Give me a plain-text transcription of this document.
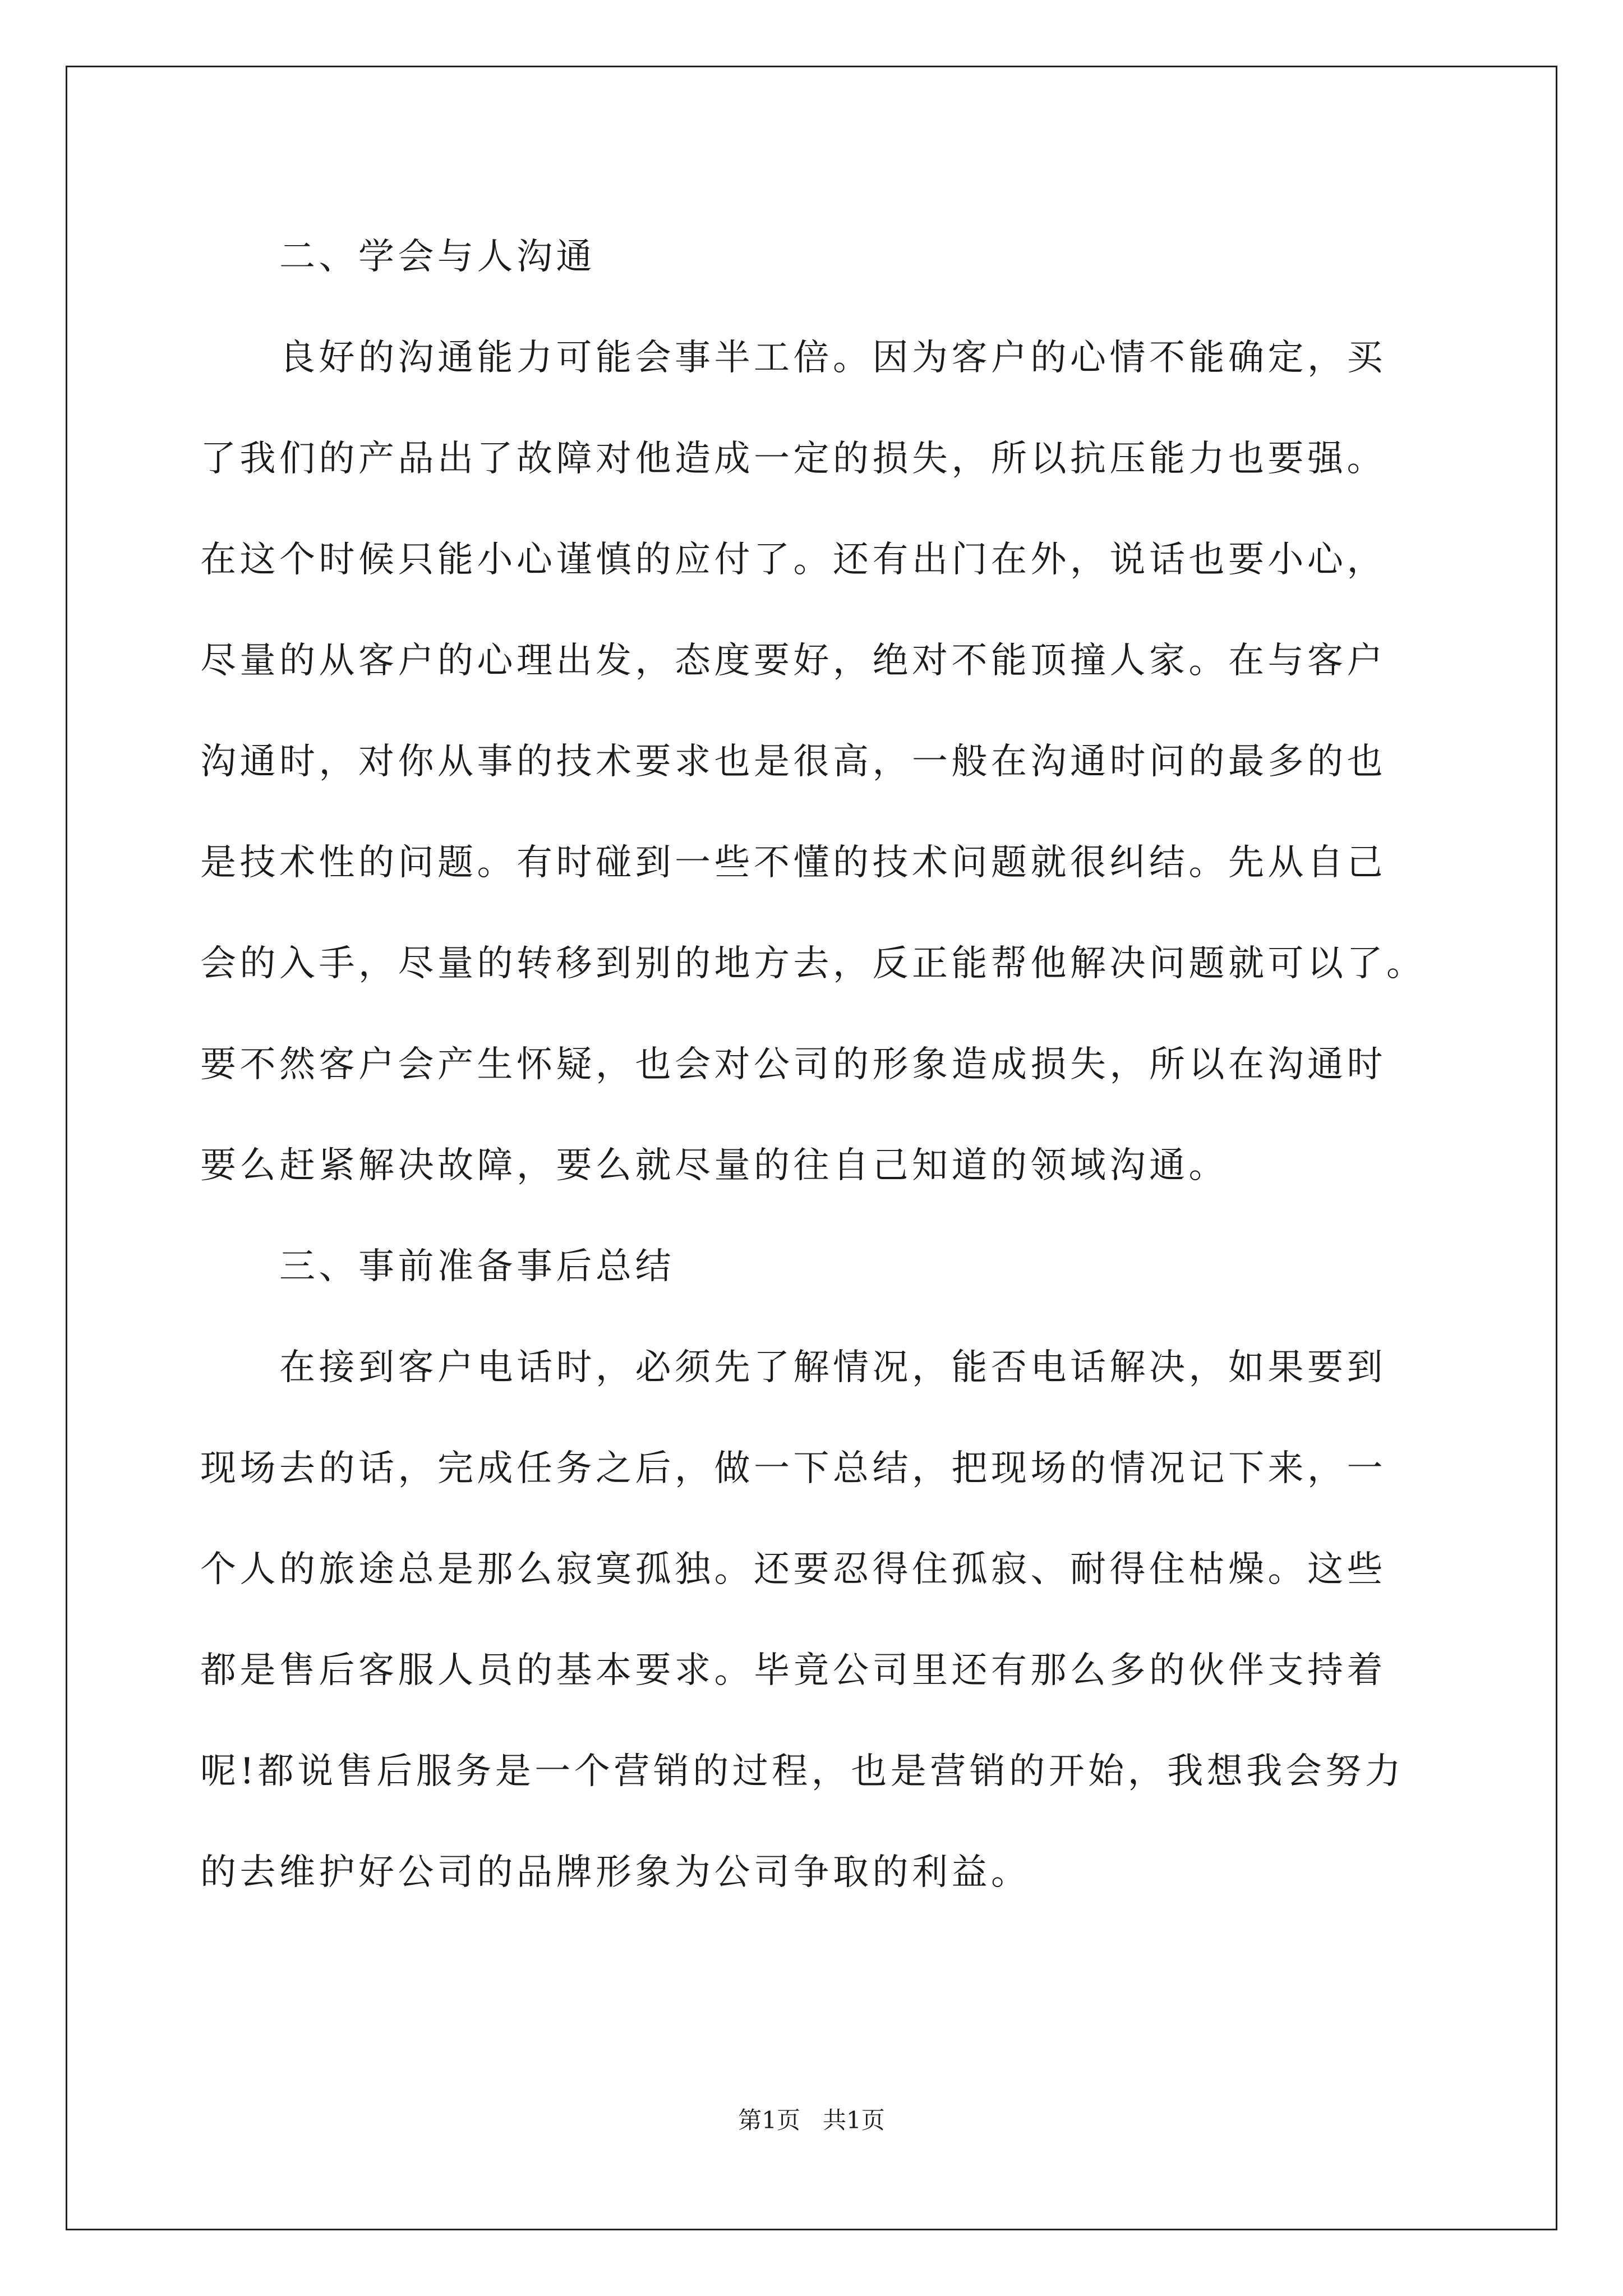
　　二、学会与人沟通
　　良好的沟通能力可能会事半工倍。因为客户的心情不能确定，买
了我们的产品出了故障对他造成一定的损失，所以抗压能力也要强。
在这个时候只能小心谨慎的应付了。还有出门在外，说话也要小心，
尽量的从客户的心理出发，态度要好，绝对不能顶撞人家。在与客户
沟通时，对你从事的技术要求也是很高，一般在沟通时问的最多的也
是技术性的问题。有时碰到一些不懂的技术问题就很纠结。先从自己
会的入手，尽量的转移到别的地方去，反正能帮他解决问题就可以了。
要不然客户会产生怀疑，也会对公司的形象造成损失，所以在沟通时
要么赶紧解决故障，要么就尽量的往自己知道的领域沟通。
　　三、事前准备事后总结
　　在接到客户电话时，必须先了解情况，能否电话解决，如果要到
现场去的话，完成任务之后，做一下总结，把现场的情况记下来，一
个人的旅途总是那么寂寞孤独。还要忍得住孤寂、耐得住枯燥。这些
都是售后客服人员的基本要求。毕竟公司里还有那么多的伙伴支持着
呢!都说售后服务是一个营销的过程，也是营销的开始，我想我会努力
的去维护好公司的品牌形象为公司争取的利益。
第1页   共1页
